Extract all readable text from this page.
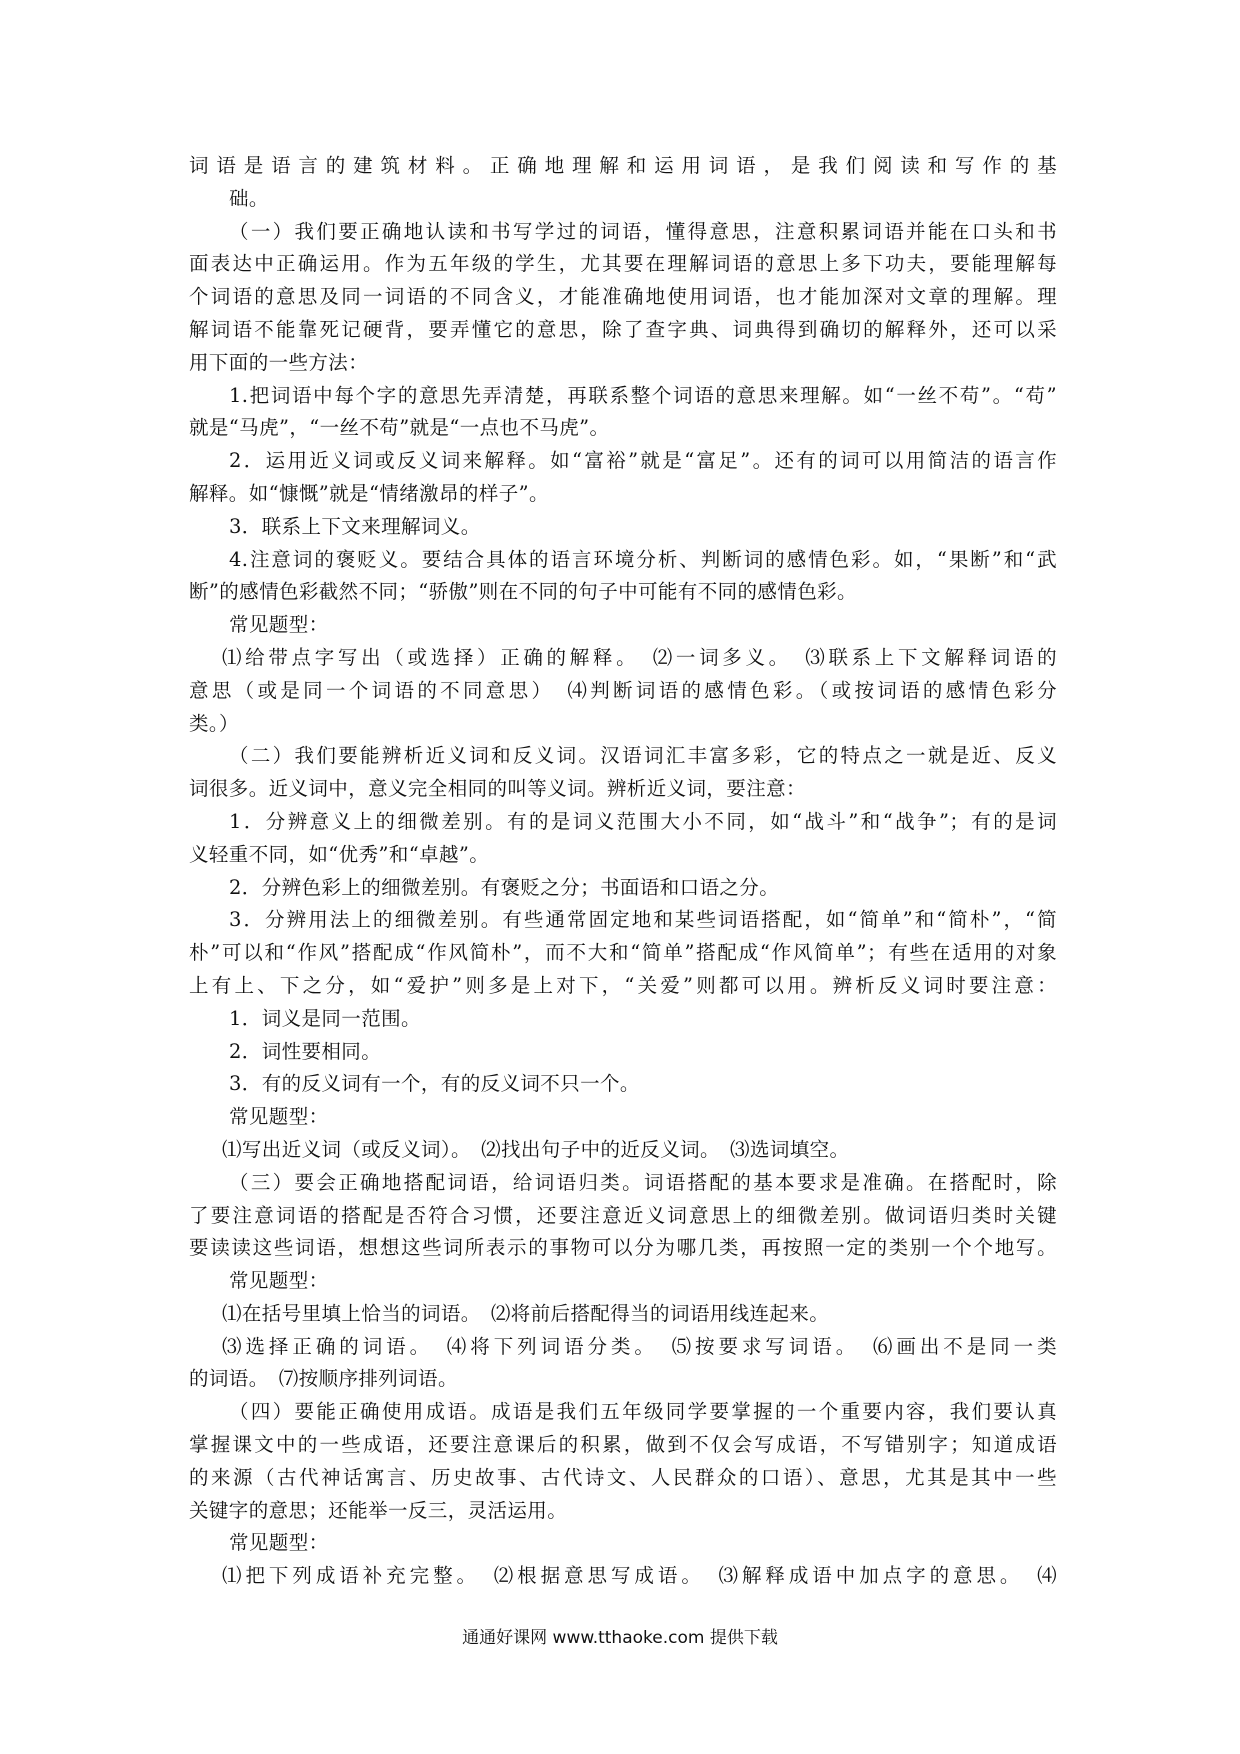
词语是语言的建筑材料。正确地理解和运用词语，是我们阅读和写作的基
础。
（一）我们要正确地认读和书写学过的词语，懂得意思，注意积累词语并能在口头和书
面表达中正确运用。作为五年级的学生，尤其要在理解词语的意思上多下功夫，要能理解每
个词语的意思及同一词语的不同含义，才能准确地使用词语，也才能加深对文章的理解。理
解词语不能靠死记硬背，要弄懂它的意思，除了查字典、词典得到确切的解释外，还可以采
用下面的一些方法：
1.把词语中每个字的意思先弄清楚，再联系整个词语的意思来理解。如“一丝不苟”。“苟”
就是“马虎”，“一丝不苟”就是“一点也不马虎”。
2．运用近义词或反义词来解释。如“富裕”就是“富足”。还有的词可以用简洁的语言作
解释。如“慷慨”就是“情绪激昂的样子”。
3．联系上下文来理解词义。
4.注意词的褒贬义。要结合具体的语言环境分析、判断词的感情色彩。如，“果断”和“武
断”的感情色彩截然不同；“骄傲”则在不同的句子中可能有不同的感情色彩。
常见题型：
⑴给带点字写出（或选择）正确的解释。　⑵一词多义。　⑶联系上下文解释词语的
意思（或是同一个词语的不同意思）　⑷判断词语的感情色彩。（或按词语的感情色彩分
类。）
（二）我们要能辨析近义词和反义词。汉语词汇丰富多彩，它的特点之一就是近、反义
词很多。近义词中，意义完全相同的叫等义词。辨析近义词，要注意：
1．分辨意义上的细微差别。有的是词义范围大小不同，如“战斗”和“战争”；有的是词
义轻重不同，如“优秀”和“卓越”。
2．分辨色彩上的细微差别。有褒贬之分；书面语和口语之分。
3．分辨用法上的细微差别。有些通常固定地和某些词语搭配，如“简单”和“简朴”，“简
朴”可以和“作风”搭配成“作风简朴”，而不大和“简单”搭配成“作风简单”；有些在适用的对象
上有上、下之分，如“爱护”则多是上对下，“关爱”则都可以用。辨析反义词时要注意：
1．词义是同一范围。
2．词性要相同。
3．有的反义词有一个，有的反义词不只一个。
常见题型：
⑴写出近义词（或反义词）。　⑵找出句子中的近反义词。　⑶选词填空。
（三）要会正确地搭配词语，给词语归类。词语搭配的基本要求是准确。在搭配时，除
了要注意词语的搭配是否符合习惯，还要注意近义词意思上的细微差别。做词语归类时关键
要读读这些词语，想想这些词所表示的事物可以分为哪几类，再按照一定的类别一个个地写。
常见题型：
⑴在括号里填上恰当的词语。　⑵将前后搭配得当的词语用线连起来。
⑶选择正确的词语。　⑷将下列词语分类。　⑸按要求写词语。　⑹画出不是同一类
的词语。　⑺按顺序排列词语。
（四）要能正确使用成语。成语是我们五年级同学要掌握的一个重要内容，我们要认真
掌握课文中的一些成语，还要注意课后的积累，做到不仅会写成语，不写错别字；知道成语
的来源（古代神话寓言、历史故事、古代诗文、人民群众的口语）、意思，尤其是其中一些
关键字的意思；还能举一反三，灵活运用。
常见题型：
⑴把下列成语补充完整。　⑵根据意思写成语。　⑶解释成语中加点字的意思。　⑷
通通好课网 www.tthaoke.com 提供下载
